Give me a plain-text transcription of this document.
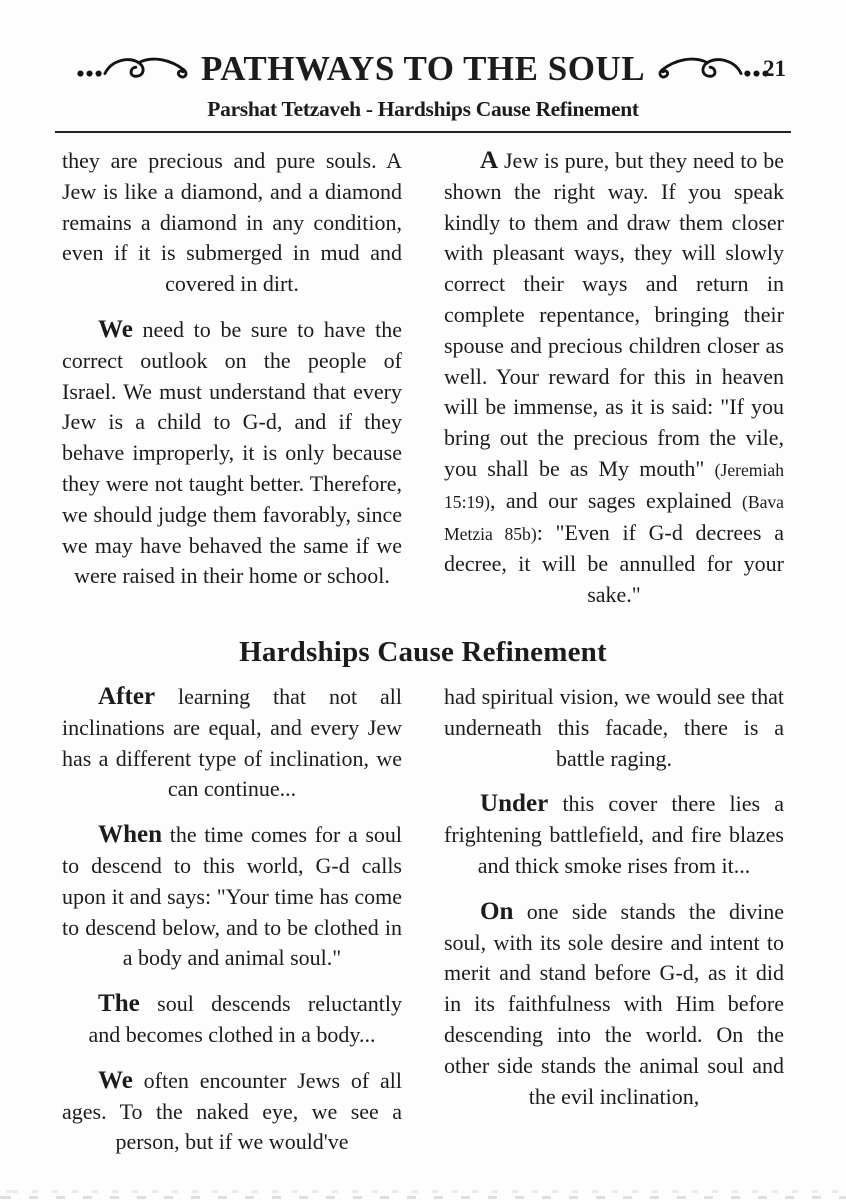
PATHWAYS TO THE SOUL	21
Parshat Tetzaveh - Hardships Cause Refinement

they are precious and pure souls. A Jew is like a diamond, and a diamond remains a diamond in any condition, even if it is submerged in mud and covered in dirt.

We need to be sure to have the correct outlook on the people of Israel. We must understand that every Jew is a child to G-d, and if they behave improperly, it is only because they were not taught better. Therefore, we should judge them favorably, since we may have behaved the same if we were raised in their home or school.

A Jew is pure, but they need to be shown the right way. If you speak kindly to them and draw them closer with pleasant ways, they will slowly correct their ways and return in complete repentance, bringing their spouse and precious children closer as well. Your reward for this in heaven will be immense, as it is said: "If you bring out the precious from the vile, you shall be as My mouth" (Jeremiah 15:19), and our sages explained (Bava Metzia 85b): "Even if G-d decrees a decree, it will be annulled for your sake."

Hardships Cause Refinement

After learning that not all inclinations are equal, and every Jew has a different type of inclination, we can continue...

When the time comes for a soul to descend to this world, G-d calls upon it and says: "Your time has come to descend below, and to be clothed in a body and animal soul."

The soul descends reluctantly and becomes clothed in a body...

We often encounter Jews of all ages. To the naked eye, we see a person, but if we would've

had spiritual vision, we would see that underneath this facade, there is a battle raging.

Under this cover there lies a frightening battlefield, and fire blazes and thick smoke rises from it...

On one side stands the divine soul, with its sole desire and intent to merit and stand before G-d, as it did in its faithfulness with Him before descending into the world. On the other side stands the animal soul and the evil inclination,
